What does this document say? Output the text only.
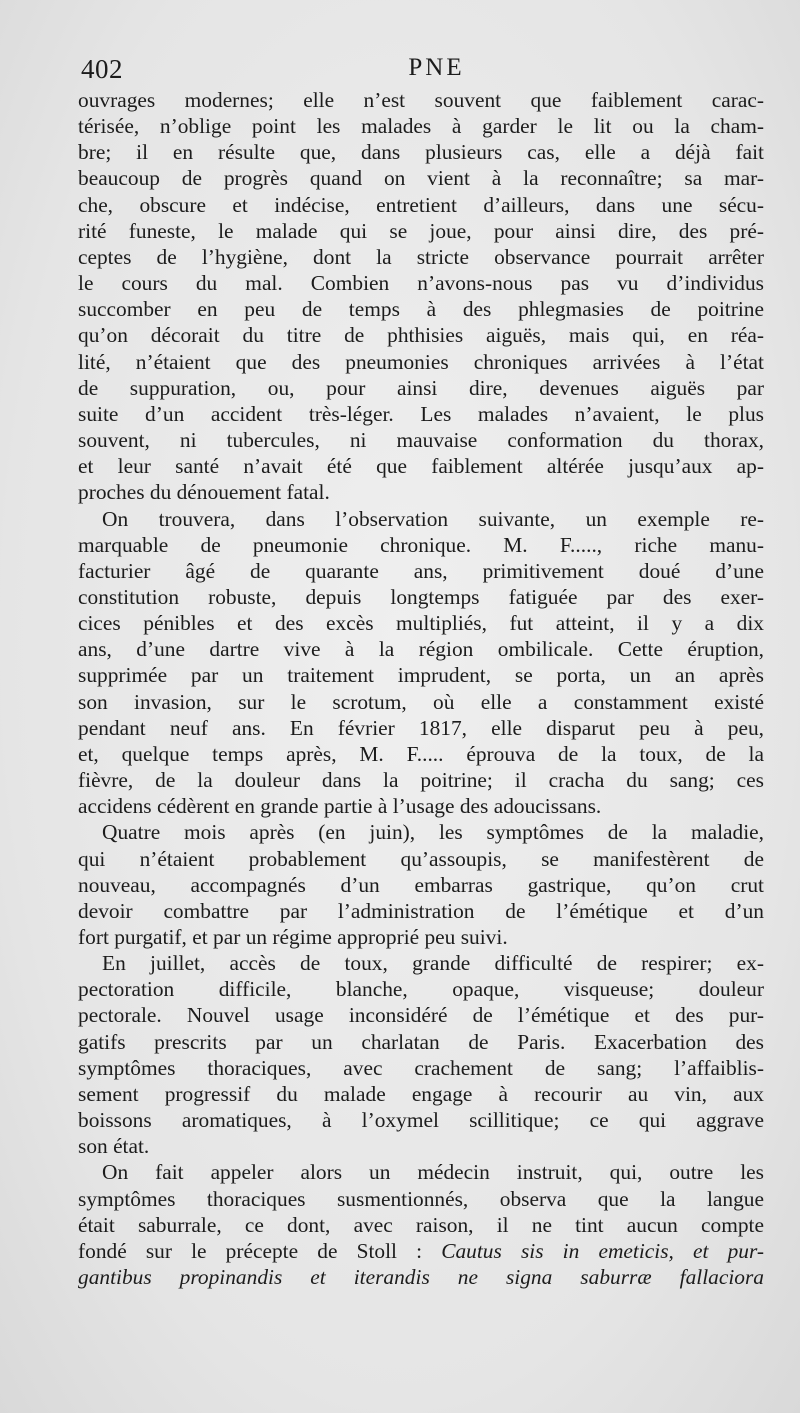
402	PNE
ouvrages modernes; elle n’est souvent que faiblement carac-
térisée, n’oblige point les malades à garder le lit ou la cham-
bre; il en résulte que, dans plusieurs cas, elle a déjà fait
beaucoup de progrès quand on vient à la reconnaître; sa mar-
che, obscure et indécise, entretient d’ailleurs, dans une sécu-
rité funeste, le malade qui se joue, pour ainsi dire, des pré-
ceptes de l’hygiène, dont la stricte observance pourrait arrêter
le cours du mal. Combien n’avons-nous pas vu d’individus
succomber en peu de temps à des phlegmasies de poitrine
qu’on décorait du titre de phthisies aiguës, mais qui, en réa-
lité, n’étaient que des pneumonies chroniques arrivées à l’état
de suppuration, ou, pour ainsi dire, devenues aiguës par
suite d’un accident très-léger. Les malades n’avaient, le plus
souvent, ni tubercules, ni mauvaise conformation du thorax,
et leur santé n’avait été que faiblement altérée jusqu’aux ap-
proches du dénouement fatal.
On trouvera, dans l’observation suivante, un exemple re-
marquable de pneumonie chronique. M. F....., riche manu-
facturier âgé de quarante ans, primitivement doué d’une
constitution robuste, depuis longtemps fatiguée par des exer-
cices pénibles et des excès multipliés, fut atteint, il y a dix
ans, d’une dartre vive à la région ombilicale. Cette éruption,
supprimée par un traitement imprudent, se porta, un an après
son invasion, sur le scrotum, où elle a constamment existé
pendant neuf ans. En février 1817, elle disparut peu à peu,
et, quelque temps après, M. F..... éprouva de la toux, de la
fièvre, de la douleur dans la poitrine; il cracha du sang; ces
accidens cédèrent en grande partie à l’usage des adoucissans.
Quatre mois après (en juin), les symptômes de la maladie,
qui n’étaient probablement qu’assoupis, se manifestèrent de
nouveau, accompagnés d’un embarras gastrique, qu’on crut
devoir combattre par l’administration de l’émétique et d’un
fort purgatif, et par un régime approprié peu suivi.
En juillet, accès de toux, grande difficulté de respirer; ex-
pectoration difficile, blanche, opaque, visqueuse; douleur
pectorale. Nouvel usage inconsidéré de l’émétique et des pur-
gatifs prescrits par un charlatan de Paris. Exacerbation des
symptômes thoraciques, avec crachement de sang; l’affaiblis-
sement progressif du malade engage à recourir au vin, aux
boissons aromatiques, à l’oxymel scillitique; ce qui aggrave
son état.
On fait appeler alors un médecin instruit, qui, outre les
symptômes thoraciques susmentionnés, observa que la langue
était saburrale, ce dont, avec raison, il ne tint aucun compte
fondé sur le précepte de Stoll : Cautus sis in emeticis, et pur-
gantibus propinandis et iterandis ne signa saburræ fallaciora
